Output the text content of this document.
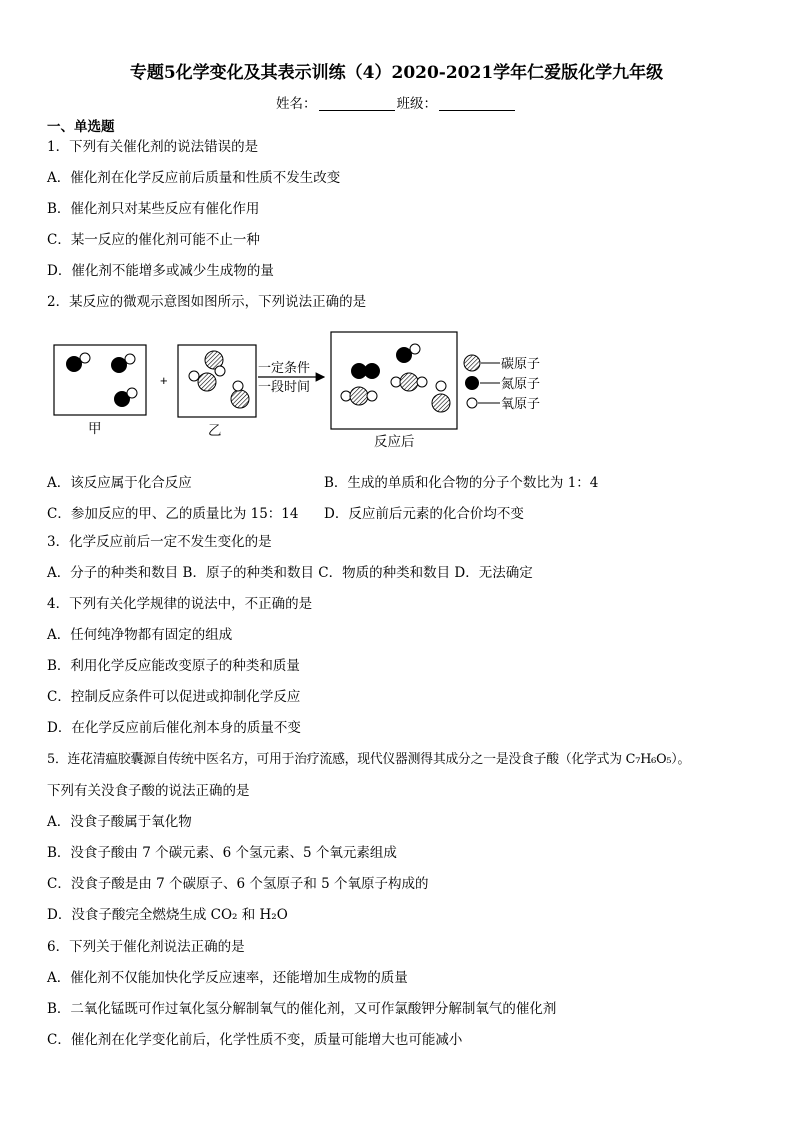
专题5化学变化及其表示训练（4）2020-2021学年仁爱版化学九年级
姓名：	班级：
一、单选题
1．下列有关催化剂的说法错误的是
A．催化剂在化学反应前后质量和性质不发生改变
B．催化剂只对某些反应有催化作用
C．某一反应的催化剂可能不止一种
D．催化剂不能增多或减少生成物的量
2．某反应的微观示意图如图所示，下列说法正确的是
+
一定条件
一段时间
碳原子
氮原子
氧原子
甲	乙
反应后
A．该反应属于化合反应	B．生成的单质和化合物的分子个数比为 1：4
C．参加反应的甲、乙的质量比为 15：14 D．反应前后元素的化合价均不变
3．化学反应前后一定不发生变化的是
A．分子的种类和数目 B．原子的种类和数目 C．物质的种类和数目 D．无法确定
4．下列有关化学规律的说法中，不正确的是
A．任何纯净物都有固定的组成
B．利用化学反应能改变原子的种类和质量
C．控制反应条件可以促进或抑制化学反应
D．在化学反应前后催化剂本身的质量不变
5．连花清瘟胶囊源自传统中医名方，可用于治疗流感，现代仪器测得其成分之一是没食子酸（化学式为 C₇H₆O₅）。
下列有关没食子酸的说法正确的是
A．没食子酸属于氧化物
B．没食子酸由 7 个碳元素、6 个氢元素、5 个氧元素组成
C．没食子酸是由 7 个碳原子、6 个氢原子和 5 个氧原子构成的
D．没食子酸完全燃烧生成 CO₂ 和 H₂O
6．下列关于催化剂说法正确的是
A．催化剂不仅能加快化学反应速率，还能增加生成物的质量
B．二氧化锰既可作过氧化氢分解制氧气的催化剂，又可作氯酸钾分解制氧气的催化剂
C．催化剂在化学变化前后，化学性质不变，质量可能增大也可能减小
